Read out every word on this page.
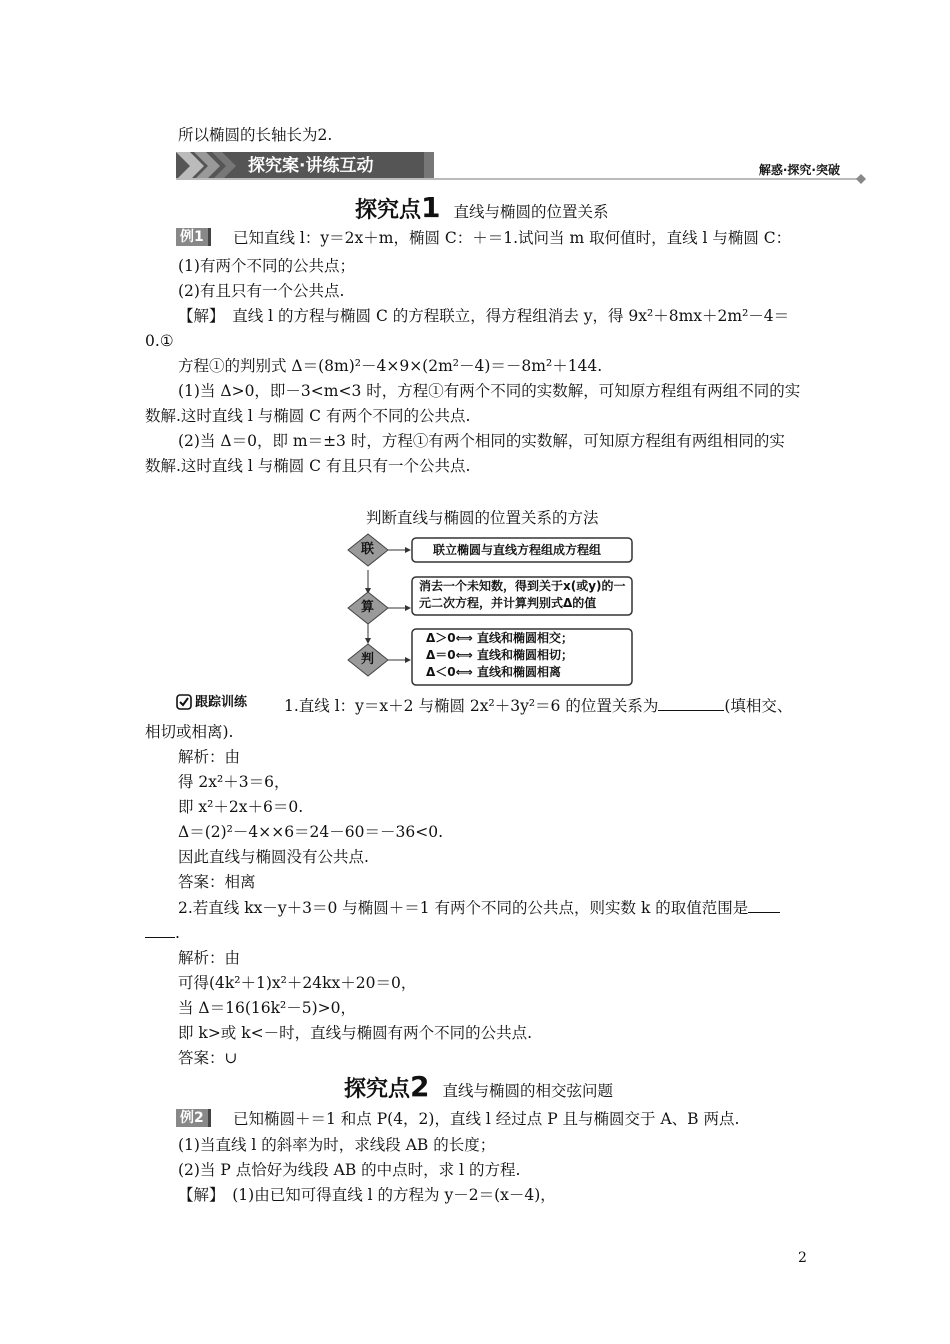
所以椭圆的长轴长为2.
探究案·讲练互动	解惑·探究·突破
探究点1 直线与椭圆的位置关系
例1	已知直线 l：y＝2x＋m，椭圆 C：＋＝1.试问当 m 取何值时，直线 l 与椭圆 C：
(1)有两个不同的公共点；
(2)有且只有一个公共点.
【解】　直线 l 的方程与椭圆 C 的方程联立，得方程组消去 y，得 9x²＋8mx＋2m²－4＝
0.①
方程①的判别式 Δ＝(8m)²－4×9×(2m²－4)＝－8m²＋144.
(1)当 Δ>0，即－3<m<3 时，方程①有两个不同的实数解，可知原方程组有两组不同的实
数解.这时直线 l 与椭圆 C 有两个不同的公共点.
(2)当 Δ＝0，即 m＝±3 时，方程①有两个相同的实数解，可知原方程组有两组相同的实
数解.这时直线 l 与椭圆 C 有且只有一个公共点.
判断直线与椭圆的位置关系的方法
联
算
判
联立椭圆与直线方程组成方程组
消去一个未知数，得到关于x(或y)的一
元二次方程，并计算判别式Δ的值
Δ＞0⟺ 直线和椭圆相交；
Δ＝0⟺ 直线和椭圆相切；
Δ＜0⟺ 直线和椭圆相离
跟踪训练 1.直线 l：y＝x＋2 与椭圆 2x²＋3y²＝6 的位置关系为	(填相交、
相切或相离).
解析：由
得 2x²＋3＝6，
即 x²＋2x＋6＝0.
Δ＝(2)²－4××6＝24－60＝－36<0.
因此直线与椭圆没有公共点.
答案：相离
2.若直线 kx－y＋3＝0 与椭圆＋＝1 有两个不同的公共点，则实数 k 的取值范围是
.
解析：由
可得(4k²＋1)x²＋24kx＋20＝0，
当 Δ＝16(16k²－5)>0，
即 k>或 k<－时，直线与椭圆有两个不同的公共点.
答案：∪
探究点2 直线与椭圆的相交弦问题
例2	已知椭圆＋＝1 和点 P(4，2)，直线 l 经过点 P 且与椭圆交于 A、B 两点.
(1)当直线 l 的斜率为时，求线段 AB 的长度；
(2)当 P 点恰好为线段 AB 的中点时，求 l 的方程.
【解】　(1)由已知可得直线 l 的方程为 y－2＝(x－4)，
2
